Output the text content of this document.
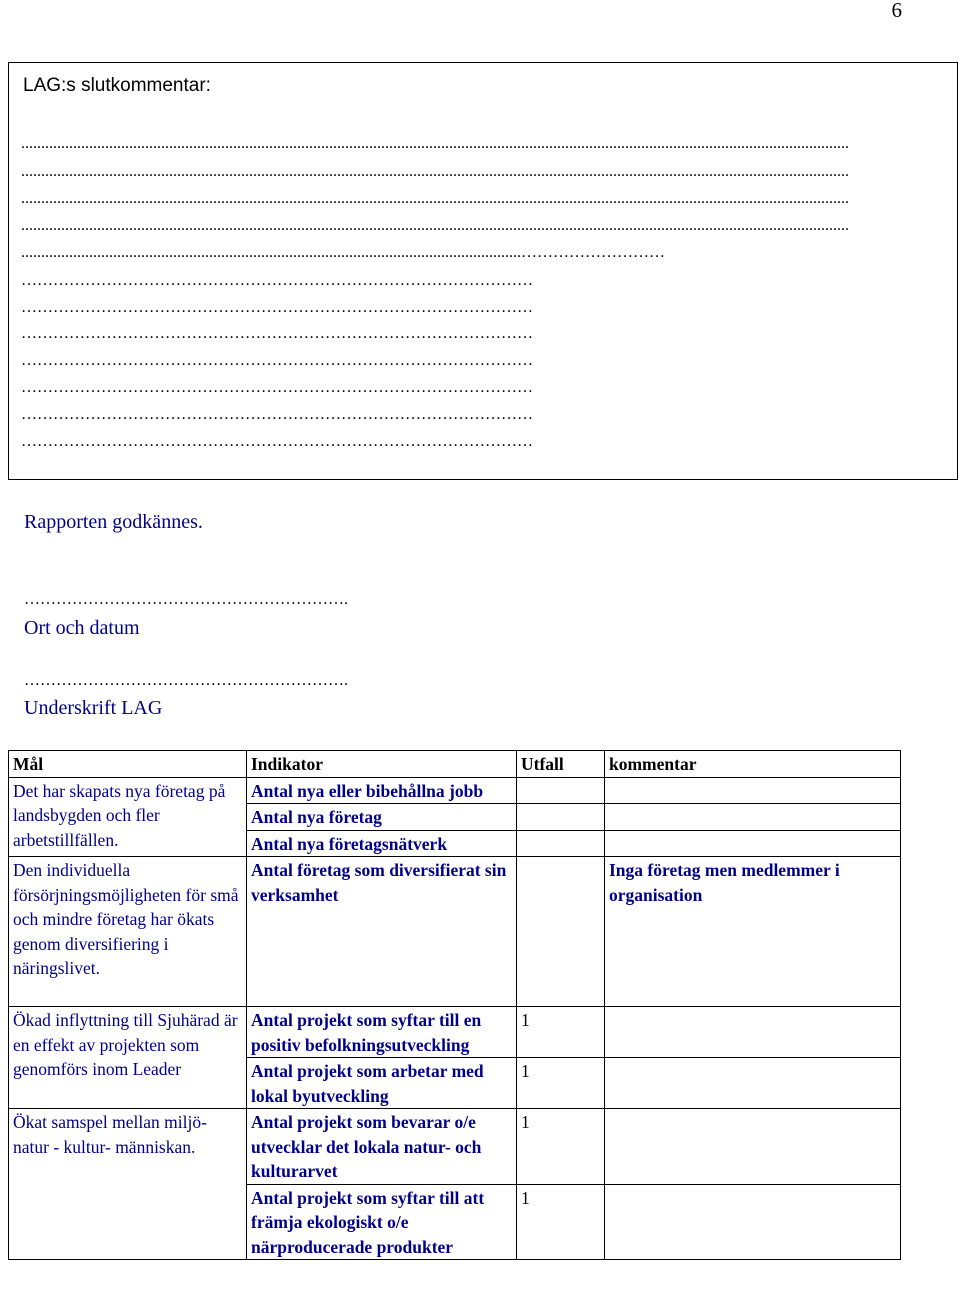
6
LAG:s slutkommentar:
...............................................................................................................................................................................................................
...............................................................................................................................................................................................................
...............................................................................................................................................................................................................
...............................................................................................................................................................................................................
.............................................................................................................................………………………
……………………………………………………………………………………
……………………………………………………………………………………
……………………………………………………………………………………
……………………………………………………………………………………
……………………………………………………………………………………
……………………………………………………………………………………
……………………………………………………………………………………
Rapporten godkännes.
…………………………………………………….
Ort och datum
…………………………………………………….
Underskrift LAG
Mål	Indikator	Utfall	kommentar
Det har skapats nya företag på landsbygden och fler arbetstillfällen.	Antal nya eller bibehållna jobb		
	Antal nya företag		
	Antal nya företagsnätverk		
Den individuella försörjningsmöjligheten för små och mindre företag har ökats genom diversifiering i näringslivet.	Antal företag som diversifierat sin verksamhet		Inga företag men medlemmer i organisation
Ökad inflyttning till Sjuhärad är en effekt av projekten som genomförs inom Leader	Antal projekt som syftar till en positiv befolkningsutveckling	1	
	Antal projekt som arbetar med lokal byutveckling	1	
Ökat samspel mellan miljö- natur - kultur- människan.	Antal projekt som bevarar o/e utvecklar det lokala natur- och kulturarvet	1	
	Antal projekt som syftar till att främja ekologiskt o/e närproducerade produkter	1	
